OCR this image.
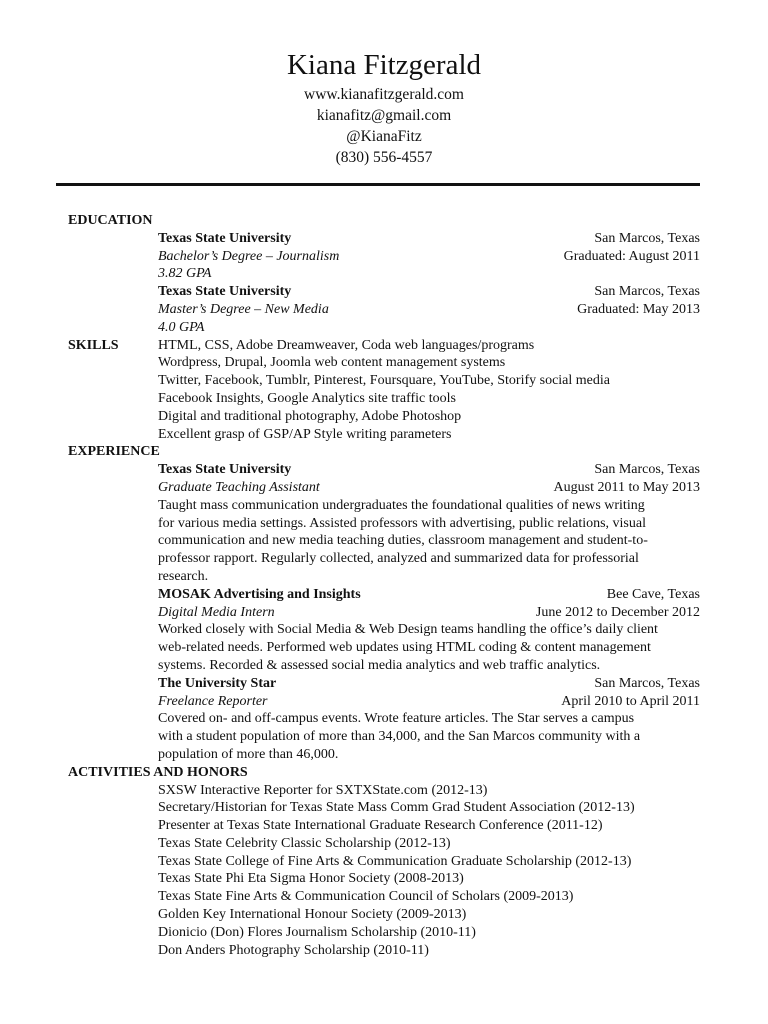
Kiana Fitzgerald
www.kianafitzgerald.com
kianafitz@gmail.com
@KianaFitz
(830) 556-4557
EDUCATION
Texas State University	San Marcos, Texas
Bachelor’s Degree – Journalism	Graduated: August 2011
3.82 GPA
Texas State University	San Marcos, Texas
Master’s Degree – New Media	Graduated: May 2013
4.0 GPA
SKILLS	HTML, CSS, Adobe Dreamweaver, Coda web languages/programs
Wordpress, Drupal, Joomla web content management systems
Twitter, Facebook, Tumblr, Pinterest, Foursquare, YouTube, Storify social media
Facebook Insights, Google Analytics site traffic tools
Digital and traditional photography, Adobe Photoshop
Excellent grasp of GSP/AP Style writing parameters
EXPERIENCE
Texas State University	San Marcos, Texas
Graduate Teaching Assistant	August 2011 to May 2013
Taught mass communication undergraduates the foundational qualities of news writing
for various media settings. Assisted professors with advertising, public relations, visual
communication and new media teaching duties, classroom management and student-to-
professor rapport. Regularly collected, analyzed and summarized data for professorial
research.
MOSAK Advertising and Insights	Bee Cave, Texas
Digital Media Intern	June 2012 to December 2012
Worked closely with Social Media & Web Design teams handling the office’s daily client
web-related needs. Performed web updates using HTML coding & content management
systems. Recorded & assessed social media analytics and web traffic analytics.
The University Star	San Marcos, Texas
Freelance Reporter	April 2010 to April 2011
Covered on- and off-campus events. Wrote feature articles. The Star serves a campus
with a student population of more than 34,000, and the San Marcos community with a
population of more than 46,000.
ACTIVITIES AND HONORS
SXSW Interactive Reporter for SXTXState.com (2012-13)
Secretary/Historian for Texas State Mass Comm Grad Student Association (2012-13)
Presenter at Texas State International Graduate Research Conference (2011-12)
Texas State Celebrity Classic Scholarship (2012-13)
Texas State College of Fine Arts & Communication Graduate Scholarship (2012-13)
Texas State Phi Eta Sigma Honor Society (2008-2013)
Texas State Fine Arts & Communication Council of Scholars (2009-2013)
Golden Key International Honour Society (2009-2013)
Dionicio (Don) Flores Journalism Scholarship (2010-11)
Don Anders Photography Scholarship (2010-11)
